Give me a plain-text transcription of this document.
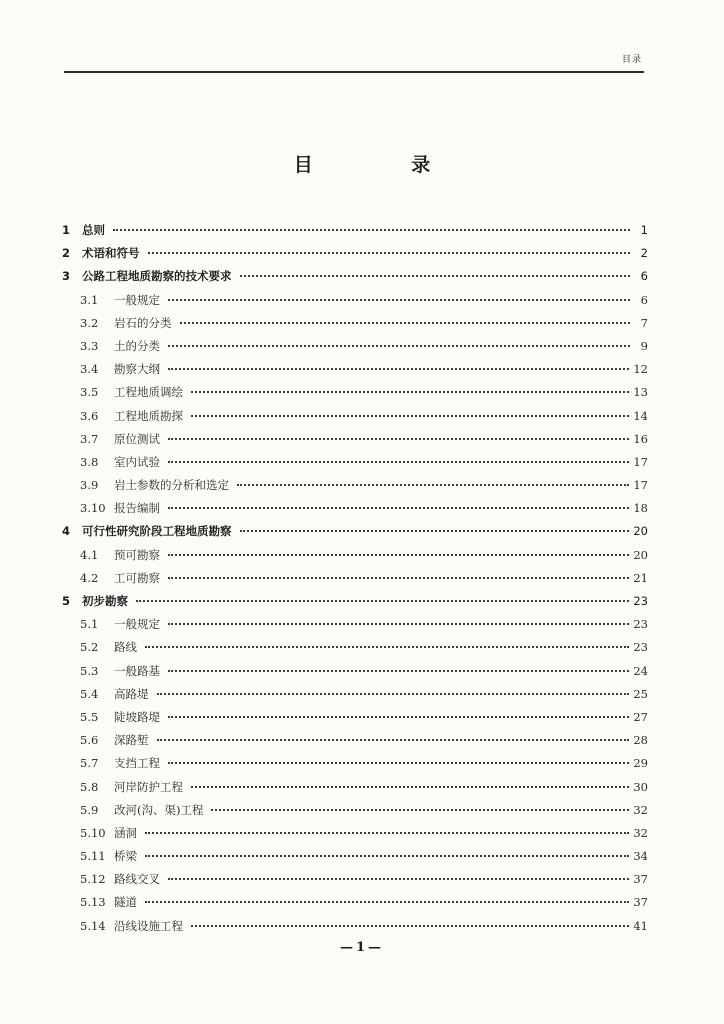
目录
目 录
1	总则	1
2	术语和符号	2
3	公路工程地质勘察的技术要求	6
3.1	一般规定	6
3.2	岩石的分类	7
3.3	土的分类	9
3.4	勘察大纲	12
3.5	工程地质调绘	13
3.6	工程地质勘探	14
3.7	原位测试	16
3.8	室内试验	17
3.9	岩土参数的分析和选定	17
3.10 报告编制	18
4	可行性研究阶段工程地质勘察	20
4.1	预可勘察	20
4.2	工可勘察	21
5	初步勘察	23
5.1	一般规定	23
5.2	路线	23
5.3	一般路基	24
5.4	高路堤	25
5.5	陡坡路堤	27
5.6	深路堑	28
5.7	支挡工程	29
5.8	河岸防护工程	30
5.9	改河(沟、渠)工程	32
5.10 涵洞	32
5.11 桥梁	34
5.12 路线交叉	37
5.13 隧道	37
5.14 沿线设施工程	41
—1—
